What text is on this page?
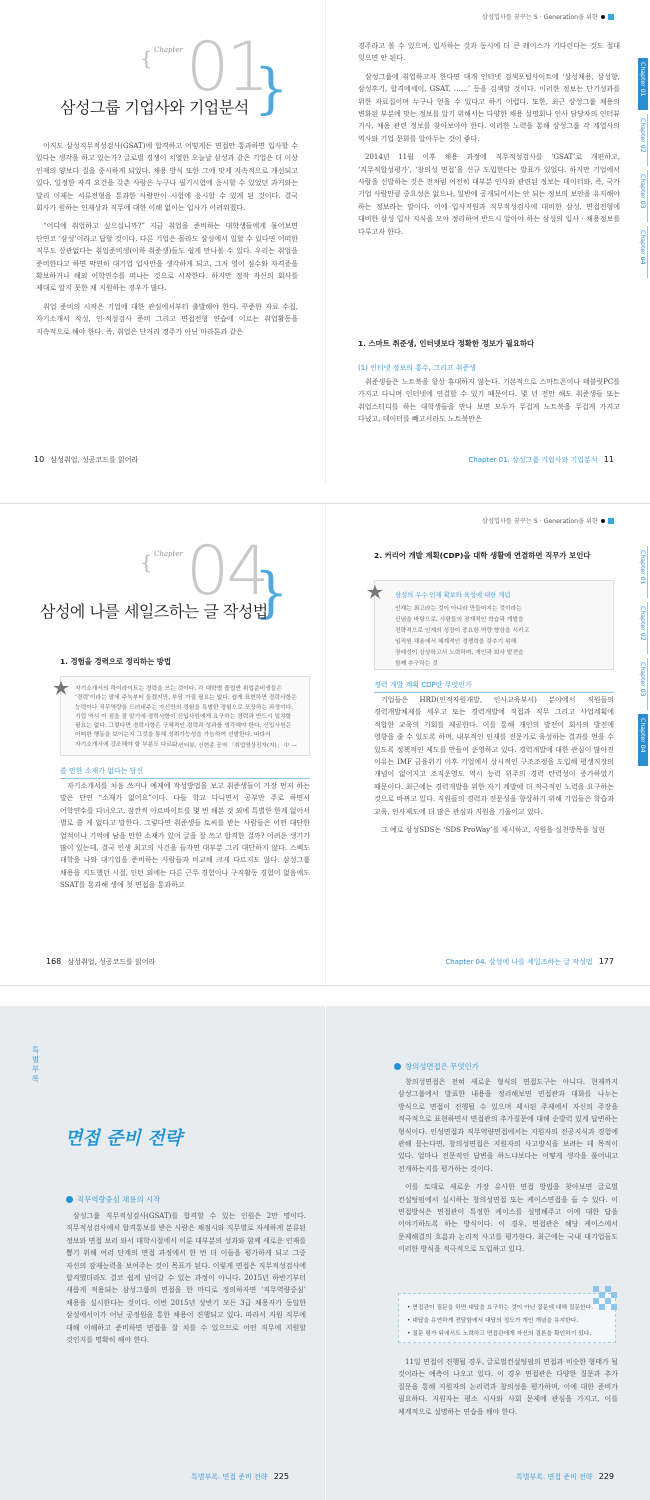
{ Chapter 01
}
삼성그룹 기업사와 기업분석

이직도 삼성직무적성검사(GSAT)에 합격하고 어떻게든 면접만 통과하면 입사할 수 있다는 생각을 하고 있는가? 글로벌 경쟁이 치열한 오늘날 삼성과 같은 기업은 더 이상 인재의 양보다 질을 중시하게 되었다. 채용 방식 또한 그에 맞게 지속적으로 개선되고 있다. 일정한 자격 요건을 갖춘 사람은 누구나 필기시험에 응시할 수 있었던 과거와는 달리 이제는 서류전형을 통과한 사람만이 시험에 응시할 수 있게 된 것이다. 결국 회사가 원하는 인재상과 직무에 대한 이해 없이는 입사가 어려워졌다.

“어디에 취업하고 싶으십니까?” 지금 취업을 준비하는 대학생들에게 물어보면 단연코 ‘삼성’이라고 답할 것이다. 다른 기업은 몰라도 삼성에서 일할 수 있다면 어떠한 직무도 상관없다는 취업준비생(이하 취준생)들도 쉽게 만나볼 수 있다. 우리는 취업을 준비한다고 하면 막연히 대기업 입사만을 생각하게 되고, 그저 영어 점수와 자격증을 확보하거나 해외 어학연수를 떠나는 것으로 시작한다. 하지만 정작 자신의 회사를 제대로 알지 못한 채 지원하는 경우가 많다.

취업 준비의 시작은 기업에 대한 관심에서부터 출발해야 한다. 꾸준한 자료 수집, 자기소개서 작성, 인·적성검사 준비 그리고 면접전형 연습에 이르는 취업활동을 지속적으로 해야 한다. 즉, 취업은 단거리 경주가 아닌 마라톤과 같은

10 삼성취업, 성공코드를 읽어라
삼성입사를 꿈꾸는 S · Generation을 위한

경주라고 볼 수 있으며, 입사하는 것과 동시에 더 큰 레이스가 기다린다는 것도 절대 잊으면 안 된다.

삼성그룹에 취업하고자 한다면 대개 인터넷 검색포털사이트에 ‘삼성채용, 삼성향, 삼성후기, 합격에세이, GSAT, ……’ 등을 검색할 것이다. 이러한 정보는 단기성과를 위한 자료집이며 누구나 얻을 수 있다고 하기 어렵다. 또한, 최근 삼성그룹 채용의 변화된 부분에 맞는 정보를 알기 위해서는 다양한 채용 설명회나 인사 담당자의 인터뷰 기사, 채용 관련 정보를 찾아보아야 한다. 이러한 노력을 통해 삼성그룹 각 계열사의 역사와 기업 문화를 알아두는 것이 좋다.

2014년 11월 이후 채용 과정에 직무적성검사를 ‘GSAT’로 개편하고, ‘직무적합성평가’, ‘창의성 면접’을 신규 도입한다는 발표가 있었다. 하지만 기업에서 사람을 선발하는 것은 전처럼 여전히 대부분 인사와 관련된 정보는 데이터와, 즉, 국가 기업 사람만큼 중요성은 없으나, 일반에 공개되어서는 안 되는 정보의 보안을 유지해야 하는 정보라는 말이다. 이에 입사지원과 직무적성검사에 대비한 삼성, 면접전형에 대비한 삼성 입사 지식을 모아 정리하여 반드시 알아야 하는 삼성의 입사 · 채용정보를 다루고자 한다.

1. 스마트 취준생, 인터넷보다 정확한 정보가 필요하다
(1) 인터넷 정보의 홍수, 그리고 취준생

취준생들은 노트북을 항상 휴대하지 않는다. 기본적으로 스마트폰이나 태블릿PC를 가지고 다니며 인터넷에 연결할 수 있기 때문이다. 몇 년 전만 해도 취준생들 또는 취업스터디를 하는 대학생들을 만나 보면 모두가 무겁게 노트북을 무겁게 가지고 다녔고, 데이터를 빼고서라도 노트북만은

Chapter 01. 삼성그룹 기업사와 기업분석 11
Chapter 01
Chapter 02
Chapter 03
Chapter 04
{ Chapter 04
}
삼성에 나를 세일즈하는 글 작성법
1. 경험을 경력으로 정리하는 방법
자기소개서의 하이라이트는 경력을 쓰는 것이다. 각 대학별 졸업반 취업준비생들은 ‘경력’이라는 말에 주눅부터 들겠지만, 부담 가질 필요는 없다. 쉽게 표현하면 경력사항은 능력이나 직무역량을 드러내주는 자신만의 경험을 특별한 경험으로 포장하는 과정이다. 기업 역시 이 점을 잘 알기에 경력사항이 신입사원에게 요구하는 경력과 반드시 일치할 필요는 없다. 그렇다면 경력사항은 구체적인 경력과 성과를 생각해야 한다. 신입사원은 어떠한 행동을 보이는지 그것을 통해 성취가능성을 가늠하여 선발한다. 따라서 자기소개서에 강조해야 할 부분도 다르다.
— 인터뷰, 신현종 공저 「취업영상진자(지)」 中 —
쓸 만한 소재가 없다는 당신

자기소개서를 처음 쓰거나 예제에 작성방법을 보고 취준생들이 가장 먼저 하는 말은 단연 “소재가 없어요”이다. 다들 학교 다니면서 공부만 주로 하면서 어학연수를 다녀오고, 잠깐씩 아르바이트를 몇 번 해본 것 외에 특별한 한계 없어서 별로 쓸 게 없다고 말한다. 그렇다면 취준생들 토씨를 받는 사람들은 어떤 대단한 업적이나 기억에 남을 만한 소재가 있어 글을 잘 쓰고 합격한 걸까? 어려운 생기가 많이 있는데, 결국 인생 최고의 사건을 들자면 대부분 그리 대단하지 않다. 스펙도 대학을 나와 대기업을 준비하는 사람들과 비교해 크게 다르지도 않다. 삼성그룹 채용을 지도했던 시절, 인턴 외에는 다른 근무 경험이나 구직활동 경험이 없음에도 SSAT를 통과해 생애 첫 면접을 통과하고

168 삼성취업, 성공코드를 읽어라
삼성입사를 꿈꾸는 S · Generation을 위한
2. 커리어 개발 계획(CDP)을 대학 생활에 연결하면 직무가 보인다
삼성의 우수 인재 확보와 육성에 대한 개념
인재는 최고라는 것이 아니라 만들어지는 것이라는
신념을 바탕으로, 사람들의 잠재적인 학습과 개발을
전략적으로 인재의 성장이 중요한 역량 향상을 시키고
임직원 채용에서 체계적인 경쟁력을 갖추기 위해
장래성이 상상하고서 노력하며, 개인과 회사 발전을
함께 추구하는 것
경력 개발 계획 CDP란 무엇인가

기업들은 HRD(인적자원개발, 인사교육부서) 분야에서 직원들의 경력개발체제를 세우고 또는 경력개발에 직접과 직무 그리고 사업계획에 적합한 교육의 기회를 제공한다. 이를 통해 개인의 발전이 회사의 발전에 영향을 줄 수 있도록 하며, 내부적인 인재를 전문가로 육성하는 결과를 얻을 수 있도록 정책적인 제도를 만들어 운영하고 있다. 경력개발에 대한 관심이 많아진 이유는 IMF 금융위기 이후 기업에서 상시적인 구조조정을 도입해 평생직장의 개념이 없어지고 조직운영도 역시 능력 위주의 경력 탄력성이 증가하였기 때문이다. 최근에는 경력개발을 위한 자기 계발에 더 적극적인 노력을 요구하는 것으로 바뀌고 있다. 직원들의 경력과 전문성을 향상하기 위해 기업들은 학습과 교육, 인사제도에 더 많은 관심과 지원을 기울이고 있다.

그 예로 삼성SDS는 ‘SDS ProWay’를 제시하고, 직원을 실천방목을 설현

Chapter 04. 삼성에 나를 세일즈하는 글 작성법 177
Chapter 01
Chapter 02
Chapter 03
Chapter 04
특별부록
면접 준비 전략
직무역량중심 채용의 시작

삼성그룹 직무적성검사(GSAT)를 합격할 수 있는 인원은 2만 명이다. 직무적성검사에서 합격통보를 받은 사람은 채점시와 직무별로 자세하게 분류된 정보와 면접 보러 와서 대학시절에서 이룬 대부분의 성과와 함께 새로운 인재를 뽑기 위해 여러 단계의 면접 과정에서 한 번 더 이들을 평가하게 되고 그중 자신의 잠재능력을 보여주는 것이 목표가 된다. 이렇게 면접은 직무적성검사에 합격했더라도 결코 쉽게 넘어갈 수 있는 과정이 아니다. 2015년 하반기부터 새롭게 적용되는 삼성그룹의 면접을 한 마디로 정의하자면 ‘직무역량중심’ 채용을 실시한다는 것이다. 이번 2015년 상반기 모든 3급 채용자가 동일한 삼성에서이가 어닌 공정원을 통한 채용이 진행되고 있다. 따라서 지원 직무에 대해 이해하고 준비하면 면접을 잘 치를 수 있으므로 어떤 직무에 지원할 것인지를 명확히 해야 한다.

특별부록. 면접 준비 전략 225
창의성면접은 무엇인가

창의성면접은 전혀 새로운 형식의 면접도구는 아니다. 현재까지 삼성그룹에서 발표한 내용을 정리해보면 면접관과 대화를 나누는 방식으로 면접이 진행될 수 있으며 제시된 주제에서 자신의 주장을 적극적으로 표현하면서 면접관의 추가질문에 대해 순발력 있게 답변하는 형식이다. 인성면접과 직무역량면접에서는 지원자의 전공지식과 경험에 관해 묻는다면, 창의성면접은 지원자의 사고방식을 보려는 데 목적이 있다. 얼마나 전문적인 답변을 하느냐보다는 어떻게 생각을 풀어내고 전개하는지를 평가하는 것이다.

이를 토대로 새로운 가장 유사한 면접 방법을 찾아보면 글로벌 컨설팅펌에서 실시하는 창의성면접 또는 케이스면접을 들 수 있다. 이 면접방식은 면접관이 특정한 케이스를 설명해주고 이에 대한 답을 이야기하도록 하는 방식이다. 이 경우, 면접관은 해당 케이스에서 문제해결의 흐름과 논리적 사고를 평가한다. 최근에는 국내 대기업들도 이러한 방식을 적극적으로 도입하고 있다.

특별부록. 면접 준비 전략 229
• 면접관이 질문을 하면 대답을 요구하는 것이 아닌 질문에 대해 질문한다.
• 대답을 유연하게 전달함에서 대답의 정도가 개인 개념을 유지한다.
• 질문 평가 뒤에서도 노력하고 면접관에게 자신의 결론을 확인하기 있다.

11일 면접이 진행될 경우, 글로벌컨설팅펌의 면접과 비슷한 형태가 될 것이라는 예측이 나오고 있다. 이 경우 면접관은 다양한 질문과 추가 질문을 통해 지원자의 논리력과 창의성을 평가하며, 이에 대한 준비가 필요하다. 지원자는 평소 시사와 사회 문제에 관심을 가지고, 이를 체계적으로 설명하는 연습을 해야 한다.
